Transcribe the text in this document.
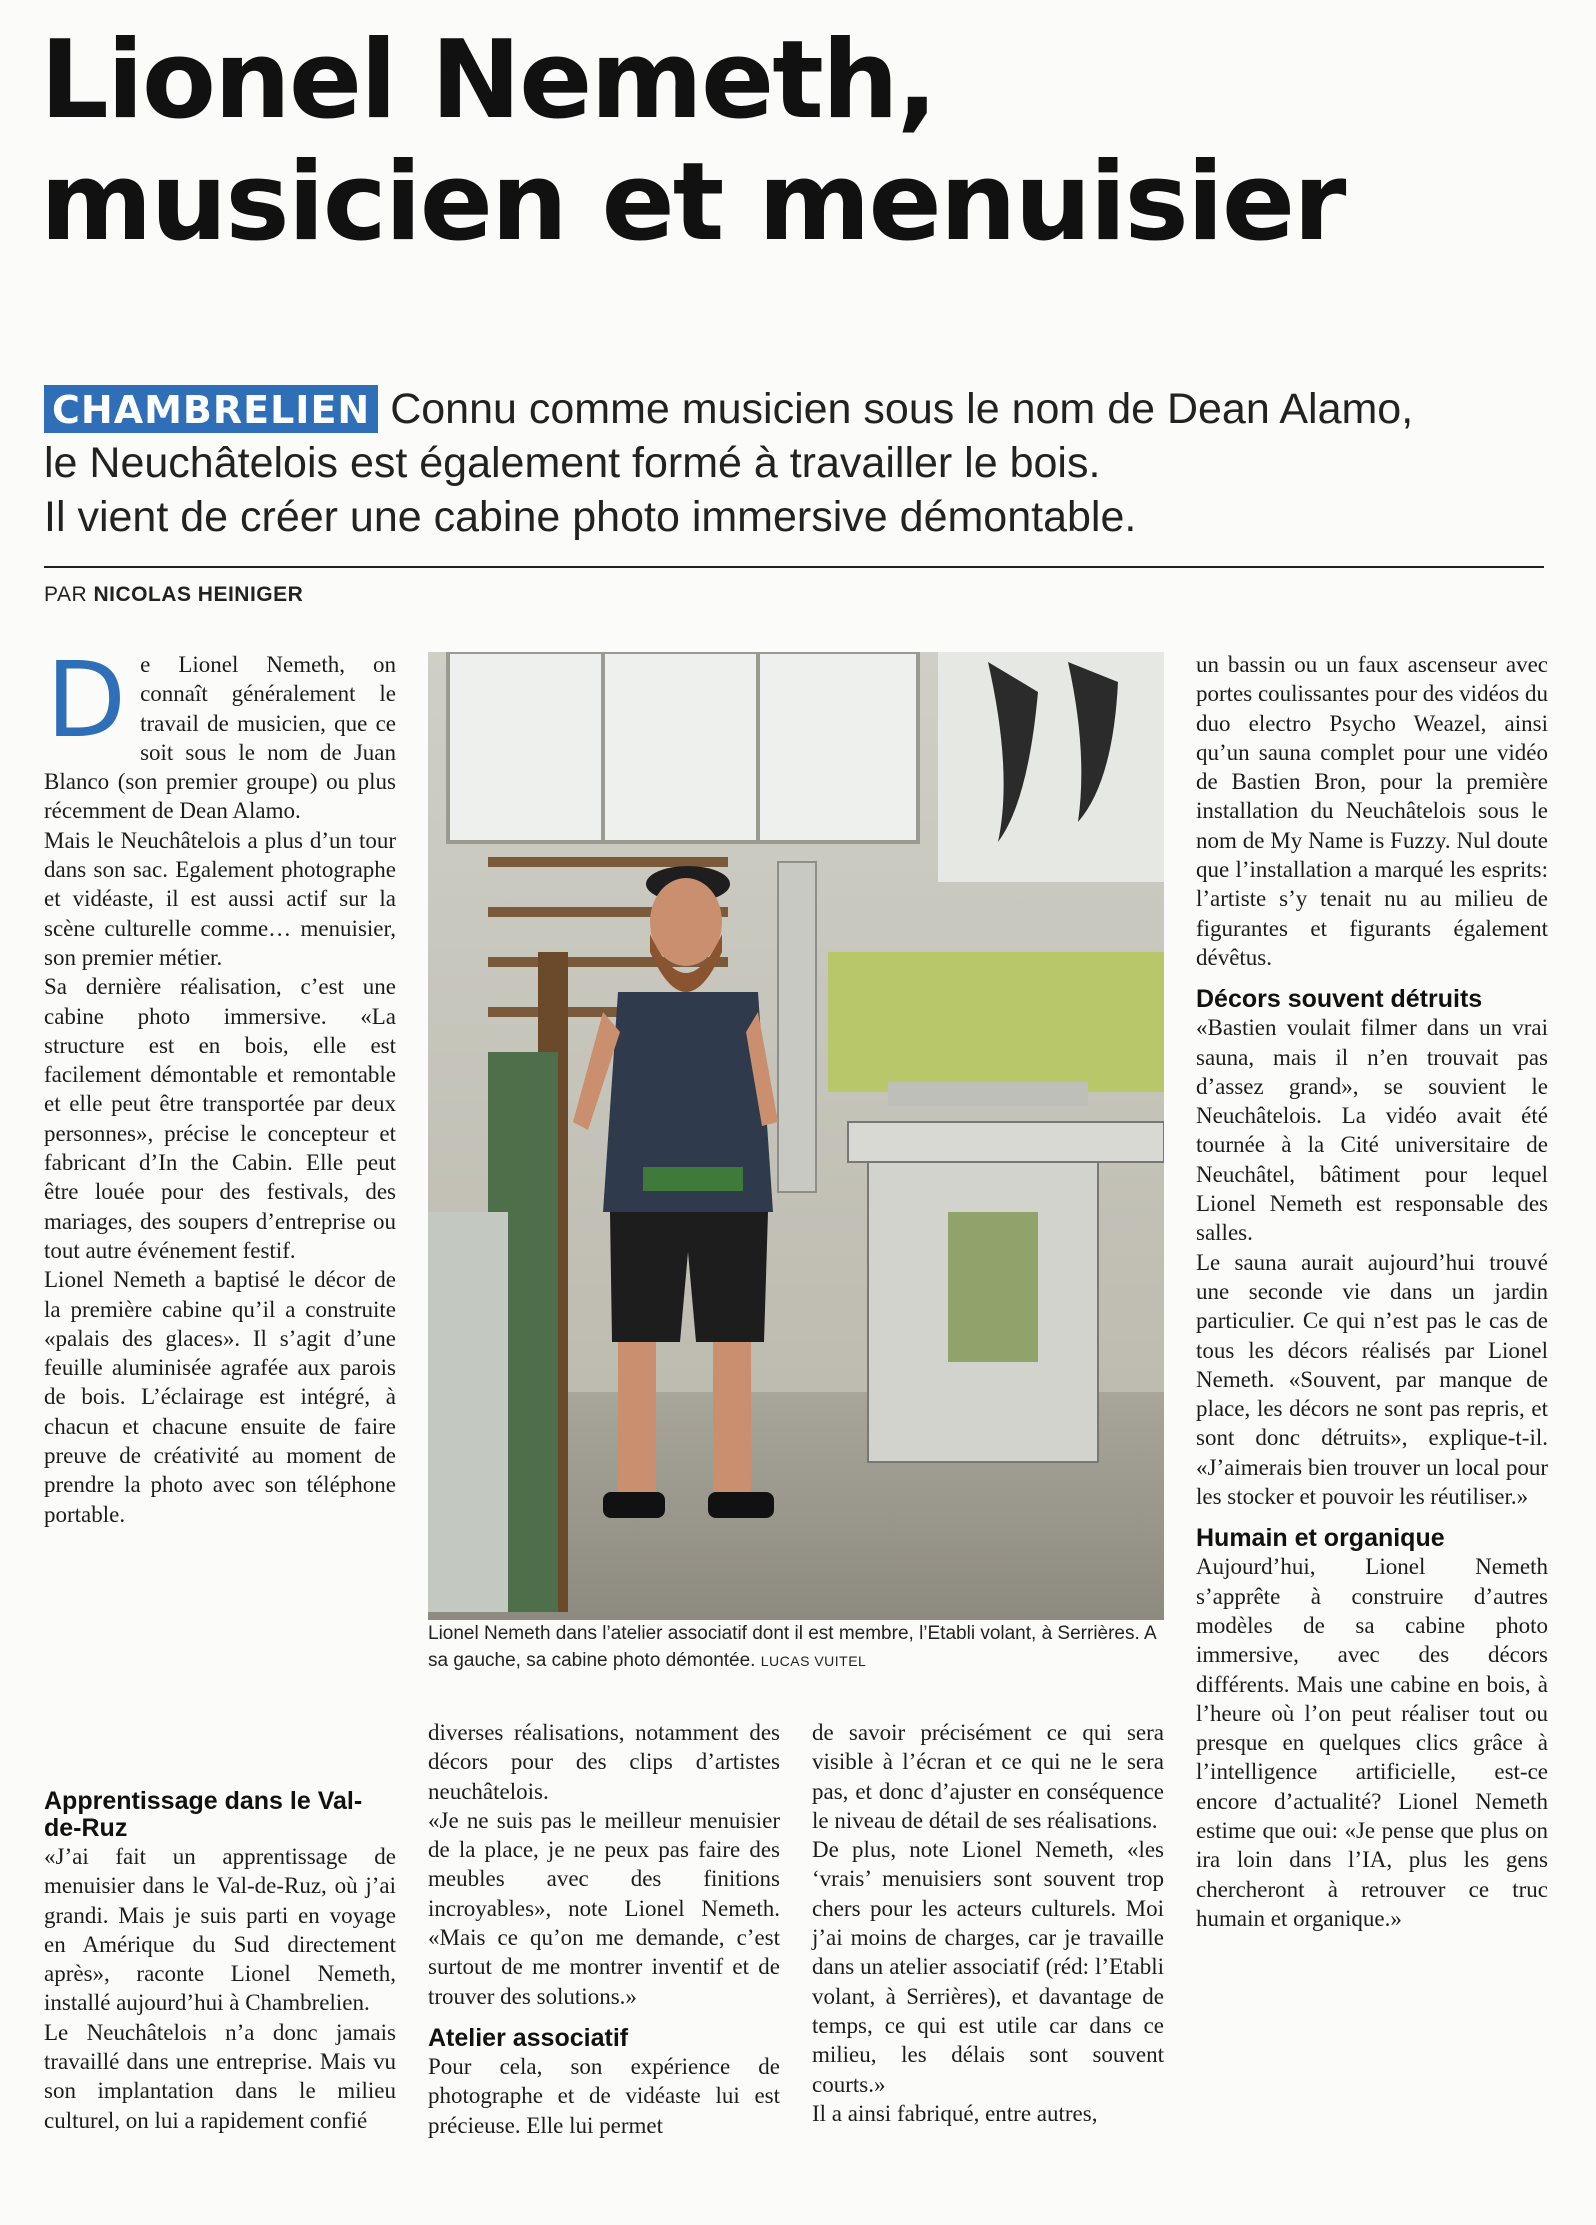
Lionel Nemeth,
musicien et menuisier

CHAMBRELIEN Connu comme musicien sous le nom de Dean Alamo,

le Neuchâtelois est également formé à travailler le bois.

Il vient de créer une cabine photo immersive démontable.

PAR NICOLAS HEINIGER
D e Lionel Nemeth, on connaît généralement le travail de musicien, que ce soit sous le nom de Juan Blanco (son premier groupe) ou plus récemment de Dean Alamo.

Mais le Neuchâtelois a plus d’un tour dans son sac. Egalement photographe et vidéaste, il est aussi actif sur la scène culturelle comme… menuisier, son premier métier.

Sa dernière réalisation, c’est une cabine photo immersive. «La structure est en bois, elle est facilement démontable et remontable et elle peut être transportée par deux personnes», précise le concepteur et fabricant d’In the Cabin. Elle peut être louée pour des festivals, des mariages, des soupers d’entreprise ou tout autre événement festif.

Lionel Nemeth a baptisé le décor de la première cabine qu’il a construite «palais des glaces». Il s’agit d’une feuille aluminisée agrafée aux parois de bois. L’éclairage est intégré, à chacun et chacune ensuite de faire preuve de créativité au moment de prendre la photo avec son téléphone portable.

Apprentissage dans le Val-de-Ruz

«J’ai fait un apprentissage de menuisier dans le Val-de-Ruz, où j’ai grandi. Mais je suis parti en voyage en Amérique du Sud directement après», raconte Lionel Nemeth, installé aujourd’hui à Chambrelien.

Le Neuchâtelois n’a donc jamais travaillé dans une entreprise. Mais vu son implantation dans le milieu culturel, on lui a rapidement confié

Lionel Nemeth dans l’atelier associatif dont il est membre, l’Etabli volant, à Serrières. A sa gauche, sa cabine photo démontée. LUCAS VUITEL

diverses réalisations, notamment des décors pour des clips d’artistes neuchâtelois.

«Je ne suis pas le meilleur menuisier de la place, je ne peux pas faire des meubles avec des finitions incroyables», note Lionel Nemeth. «Mais ce qu’on me demande, c’est surtout de me montrer inventif et de trouver des solutions.»

Atelier associatif

Pour cela, son expérience de photographe et de vidéaste lui est précieuse. Elle lui permet

de savoir précisément ce qui sera visible à l’écran et ce qui ne le sera pas, et donc d’ajuster en conséquence le niveau de détail de ses réalisations.

De plus, note Lionel Nemeth, «les ‘vrais’ menuisiers sont souvent trop chers pour les acteurs culturels. Moi j’ai moins de charges, car je travaille dans un atelier associatif (réd: l’Etabli volant, à Serrières), et davantage de temps, ce qui est utile car dans ce milieu, les délais sont souvent courts.»

Il a ainsi fabriqué, entre autres,

un bassin ou un faux ascenseur avec portes coulissantes pour des vidéos du duo electro Psycho Weazel, ainsi qu’un sauna complet pour une vidéo de Bastien Bron, pour la première installation du Neuchâtelois sous le nom de My Name is Fuzzy. Nul doute que l’installation a marqué les esprits: l’artiste s’y tenait nu au milieu de figurantes et figurants également dévêtus.

Décors souvent détruits

«Bastien voulait filmer dans un vrai sauna, mais il n’en trouvait pas d’assez grand», se souvient le Neuchâtelois. La vidéo avait été tournée à la Cité universitaire de Neuchâtel, bâtiment pour lequel Lionel Nemeth est responsable des salles.

Le sauna aurait aujourd’hui trouvé une seconde vie dans un jardin particulier. Ce qui n’est pas le cas de tous les décors réalisés par Lionel Nemeth. «Souvent, par manque de place, les décors ne sont pas repris, et sont donc détruits», explique-t-il. «J’aimerais bien trouver un local pour les stocker et pouvoir les réutiliser.»

Humain et organique

Aujourd’hui, Lionel Nemeth s’apprête à construire d’autres modèles de sa cabine photo immersive, avec des décors différents. Mais une cabine en bois, à l’heure où l’on peut réaliser tout ou presque en quelques clics grâce à l’intelligence artificielle, est-ce encore d’actualité? Lionel Nemeth estime que oui: «Je pense que plus on ira loin dans l’IA, plus les gens chercheront à retrouver ce truc humain et organique.»
